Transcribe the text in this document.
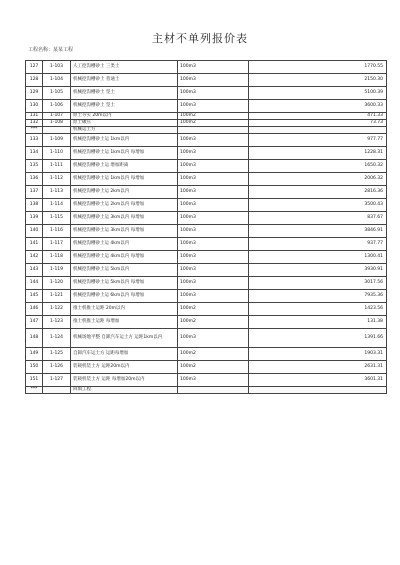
主材不单列报价表
工程名称：某某工程
127	1-103	人工挖沟槽砂土 三类土	100m3	1770.55
128	1-104	机械挖沟槽砂土 普通土	100m3	2150.30
129	1-105	机械挖沟槽砂土 坚土	100m3	5100.39
130	1-106	机械挖沟槽砂土 坚土	100m3	3600.33
131	1-107	原土夯实 20m以内	100m2	471.33
132	1-108	原土碾压	100m2	73.73
***		机械运土方		
133	1-109	机械挖沟槽砂土运 1km以内	100m3	977.77
134	1-110	机械挖沟槽砂土运 1km以内 每增加	100m3	1228.31
135	1-111	机械挖沟槽砂土运 增加距离	100m3	1650.32
136	1-112	机械挖沟槽砂土运 1km以内 每增加	100m3	2006.32
137	1-113	机械挖沟槽砂土运 2km以内	100m3	2816.36
138	1-114	机械挖沟槽砂土运 2km以内 每增加	100m3	3500.43
139	1-115	机械挖沟槽砂土运 3km以内 每增加	100m3	837.67
140	1-116	机械挖沟槽砂土运 3km以内 每增加	100m3	3846.91
141	1-117	机械挖沟槽砂土运 4km以内	100m3	937.77
142	1-118	机械挖沟槽砂土运 4km以内 每增加	100m3	1300.41
143	1-119	机械挖沟槽砂土运 5km以内	100m3	3930.91
144	1-120	机械挖沟槽砂土运 5km以内 每增加	100m3	3017.56
145	1-121	机械挖沟槽砂土运 6km以内 每增加	100m3	7935.36
146	1-122	推土机推土运距 20m以内	100m2	1423.56
147	1-123	推土机推土运距 每增加	100m2	131.38
148	1-124	机械场地平整 自卸汽车运土方 运距1km以内	100m3	1391.66
149	1-125	自卸汽车运土方 运距每增加	100m2	1903.31
150	1-126	装载机装土方 运距20m以内	100m2	2631.31
151	1-127	装载机装土方 运距 每增加20m以内	100m3	3601.31
***		回填工程		
